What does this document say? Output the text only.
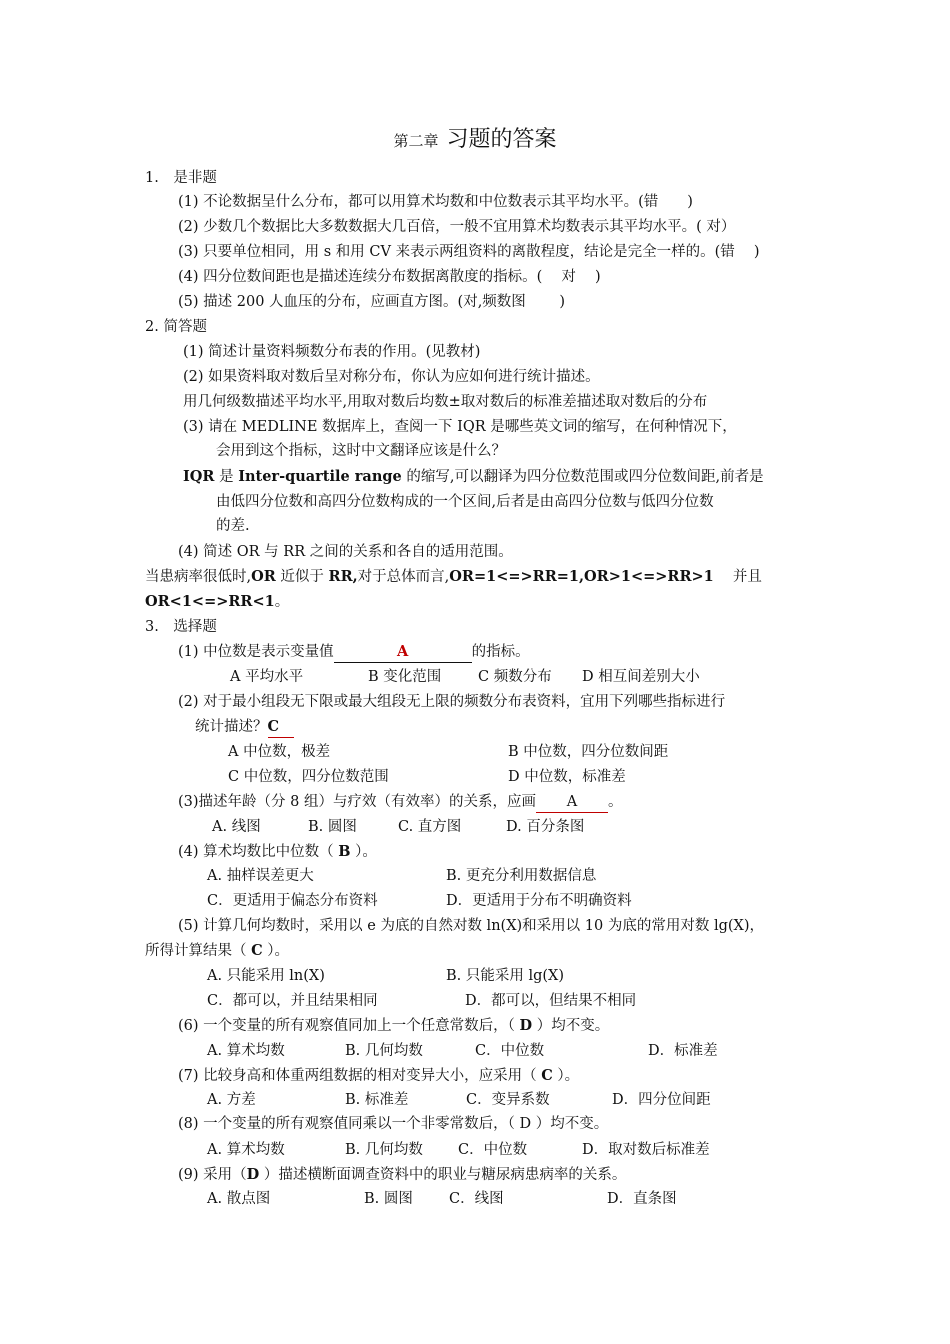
第二章 习题的答案
1.　是非题
(1) 不论数据呈什么分布，都可以用算术均数和中位数表示其平均水平。(错　　)
(2) 少数几个数据比大多数数据大几百倍，一般不宜用算术均数表示其平均水平。( 对）
(3) 只要单位相同，用 s 和用 CV 来表示两组资料的离散程度，结论是完全一样的。(错　 )
(4) 四分位数间距也是描述连续分布数据离散度的指标。(　 对　 )
(5) 描述 200 人血压的分布，应画直方图。(对,频数图　　 )
2. 简答题
(1) 简述计量资料频数分布表的作用。(见教材)
(2) 如果资料取对数后呈对称分布，你认为应如何进行统计描述。
用几何级数描述平均水平,用取对数后均数±取对数后的标准差描述取对数后的分布
(3) 请在 MEDLINE 数据库上，查阅一下 IQR 是哪些英文词的缩写，在何种情况下，
会用到这个指标，这时中文翻译应该是什么？
IQR 是 Inter-quartile range 的缩写,可以翻译为四分位数范围或四分位数间距,前者是
由低四分位数和高四分位数构成的一个区间,后者是由高四分位数与低四分位数
的差.
(4) 简述 OR 与 RR 之间的关系和各自的适用范围。
当患病率很低时,OR 近似于 RR,对于总体而言,OR=1<=>RR=1,OR>1<=>RR>1　 并且
OR<1<=>RR<1。
3.　选择题
(1) 中位数是表示变量值	A	的指标。
A 平均水平	B 变化范围	C 频数分布 D 相互间差别大小
(2) 对于最小组段无下限或最大组段无上限的频数分布表资料，宜用下列哪些指标进行
统计描述？C
A 中位数，极差	B 中位数，四分位数间距
C 中位数，四分位数范围	D 中位数，标准差
(3)描述年龄（分 8 组）与疗效（有效率）的关系，应画 A 。
A. 线图	B. 圆图	C. 直方图	D. 百分条图
(4) 算术均数比中位数（ B ）。
A. 抽样误差更大	B. 更充分利用数据信息
C．更适用于偏态分布资料	D．更适用于分布不明确资料
(5) 计算几何均数时，采用以 e 为底的自然对数 ln(X)和采用以 10 为底的常用对数 lg(X)，
所得计算结果（ C ）。
A. 只能采用 ln(X)	B. 只能采用 lg(X)
C．都可以，并且结果相同	D．都可以，但结果不相同
(6) 一个变量的所有观察值同加上一个任意常数后，（ D ）均不变。
A. 算术均数	B. 几何均数	C．中位数	D．标准差
(7) 比较身高和体重两组数据的相对变异大小，应采用（ C ）。
A. 方差	B. 标准差	C．变异系数	D．四分位间距
(8) 一个变量的所有观察值同乘以一个非零常数后，（ D ）均不变。
A. 算术均数	B. 几何均数 C．中位数	D．取对数后标准差
(9) 采用（D ）描述横断面调查资料中的职业与糖尿病患病率的关系。
A. 散点图	B. 圆图 C．线图	D．直条图
